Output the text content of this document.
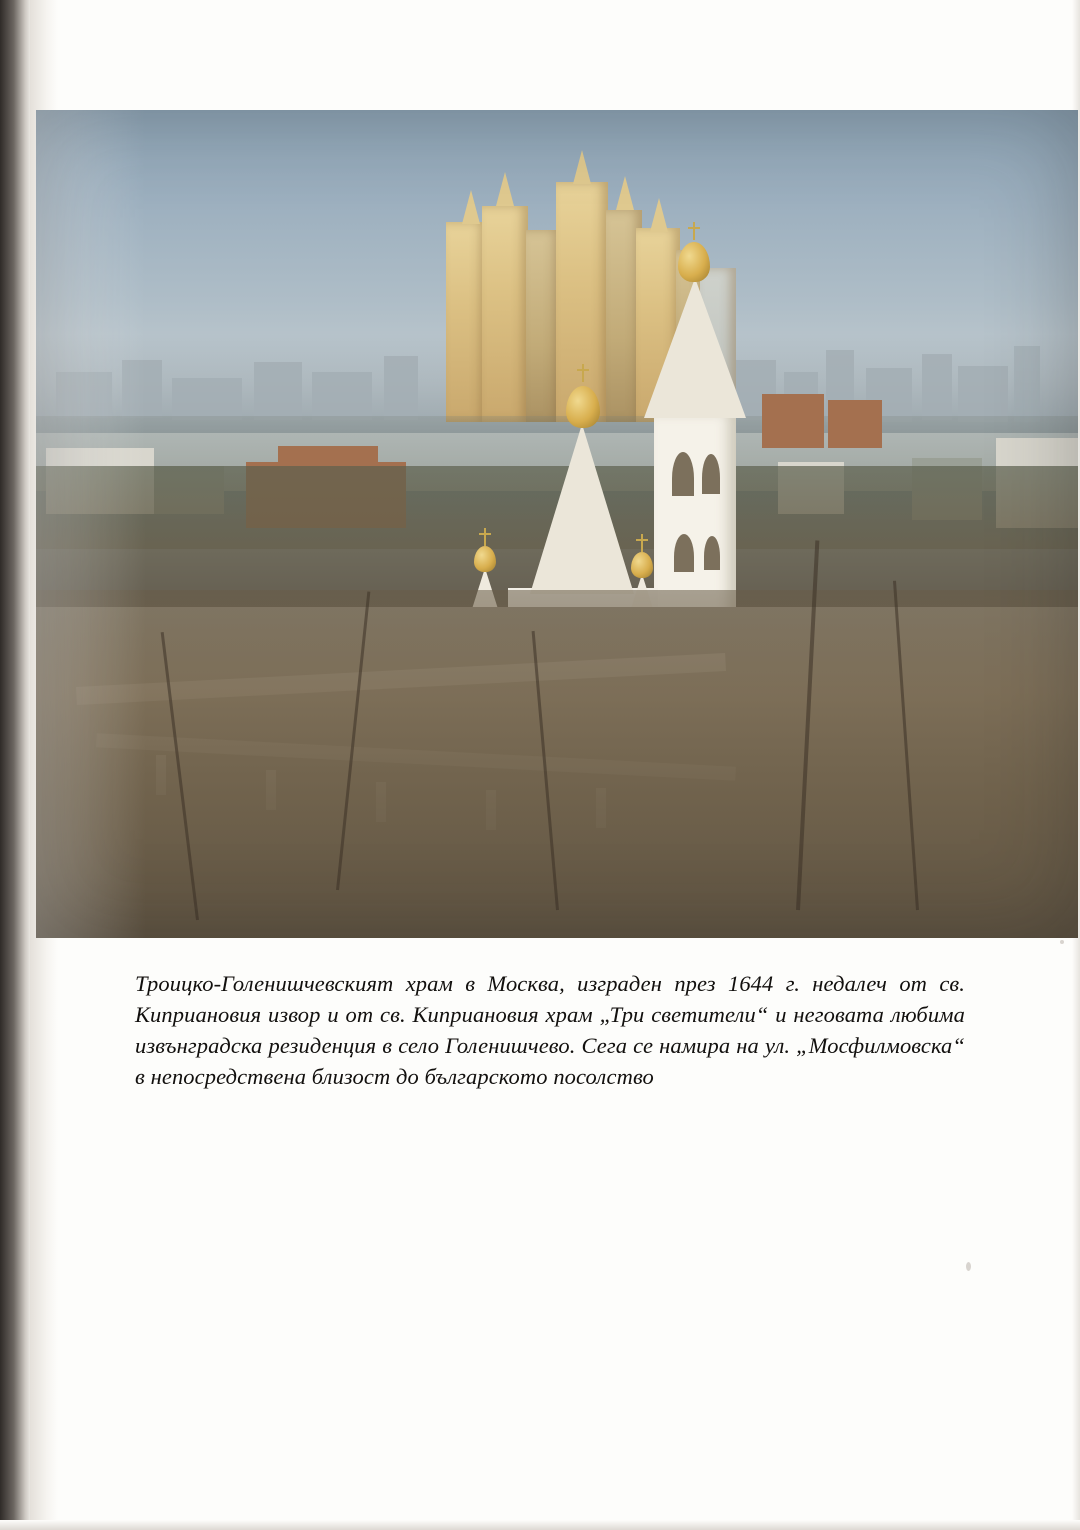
Троицко-Голенишчевският храм в Москва, изграден през 1644 г. недалеч от св. Киприановия извор и от св. Киприановия храм „Три светители“ и неговата любима извънградска резиденция в село Голенишчево. Сега се намира на ул. „Мосфилмовска“ в непосредствена близост до българското посолство
